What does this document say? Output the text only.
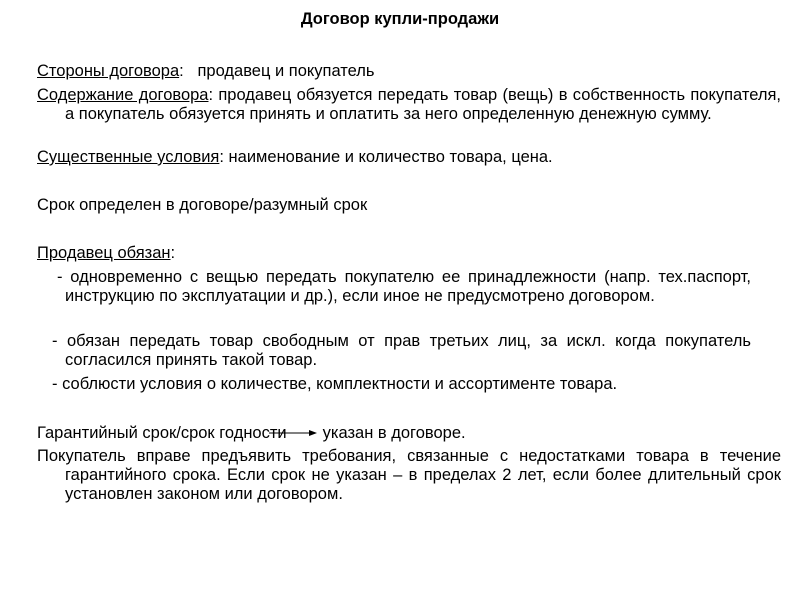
Договор купли-продажи
Стороны договора:   продавец и покупатель
Содержание договора: продавец обязуется передать товар (вещь) в собственность покупателя, а покупатель обязуется принять и оплатить за него определенную денежную сумму.
Существенные условия: наименование и количество товара, цена.
Срок определен в договоре/разумный срок
Продавец обязан:
- одновременно с вещью передать покупателю ее принадлежности (напр. тех.паспорт, инструкцию по эксплуатации и др.), если иное не предусмотрено договором.
- обязан передать товар свободным от прав третьих лиц, за искл. когда покупатель согласился принять такой товар.
- соблюсти условия о количестве, комплектности и ассортименте товара.
Гарантийный срок/срок годности указан в договоре.
Покупатель вправе предъявить требования, связанные с недостатками товара в течение гарантийного срока. Если срок не указан – в пределах 2 лет, если более длительный срок установлен законом или договором.
